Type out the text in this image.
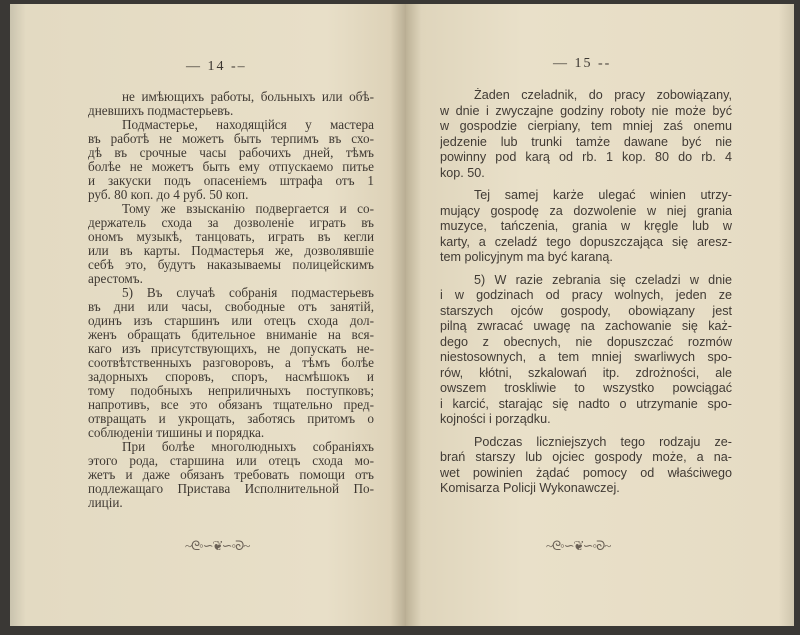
— 14 -–
не имѣющихъ работы, больныхъ или обѣ-
дневшихъ подмастерьевъ.
Подмастерье, находящійся у мастера
въ работѣ не можетъ быть терпимъ въ схо-
дѣ въ срочные часы рабочихъ дней, тѣмъ
болѣе не можетъ быть ему отпускаемо питье
и закуски подъ опасеніемъ штрафа отъ 1
руб. 80 коп. до 4 руб. 50 коп.
Тому же взысканію подвергается и со-
держатель схода за дозволеніе играть въ
ономъ музыкѣ, танцовать, играть въ кегли
или въ карты. Подмастерья же, дозволявшіе
себѣ это, будутъ наказываемы полицейскимъ
арестомъ.
5) Въ случаѣ собранія подмастерьевъ
въ дни или часы, свободные отъ занятій,
одинъ изъ старшинъ или отецъ схода дол-
женъ обращать бдительное вниманіе на вся-
каго изъ присутствующихъ, не допускать не-
соотвѣтственныхъ разговоровъ, а тѣмъ болѣе
задорныхъ споровъ, споръ, насмѣшокъ и
тому подобныхъ неприличныхъ поступковъ;
напротивъ, все это обязанъ тщательно пред-
отвращать и укрощать, заботясь притомъ о
соблюденіи тишины и порядка.
При болѣе многолюдныхъ собраніяхъ
этого рода, старшина или отецъ схода мо-
жетъ и даже обязанъ требовать помощи отъ
подлежащаго Пристава Исполнительной По-
лиціи.
~ᘓ◦∽❦∽◦ᘐ~
— 15 --
Żaden czeladnik, do pracy zobowiązany,
w dnie i zwyczajne godziny roboty nie może być
w gospodzie cierpiany, tem mniej zaś onemu
jedzenie lub trunki tamże dawane być nie
powinny pod karą od rb. 1 kop. 80 do rb. 4
kop. 50.
Tej samej karże ulegać winien utrzy-
mujący gospodę za dozwolenie w niej grania
muzyce, tańczenia, grania w kręgle lub w
karty, a czeladź tego dopuszczająca się aresz-
tem policyjnym ma być karaną.
5) W razie zebrania się czeladzi w dnie
i w godzinach od pracy wolnych, jeden ze
starszych ojców gospody, obowiązany jest
pilną zwracać uwagę na zachowanie się każ-
dego z obecnych, nie dopuszczać rozmów
niestosownych, a tem mniej swarliwych spo-
rów, kłótni, szkalowań itp. zdrożności, ale
owszem troskliwie to wszystko powciągać
i karcić, starając się nadto o utrzymanie spo-
kojności i porządku.
Podczas liczniejszych tego rodzaju ze-
brań starszy lub ojciec gospody może, a na-
wet powinien żądać pomocy od właściwego
Komisarza Policji Wykonawczej.
~ᘓ◦∽❦∽◦ᘐ~
